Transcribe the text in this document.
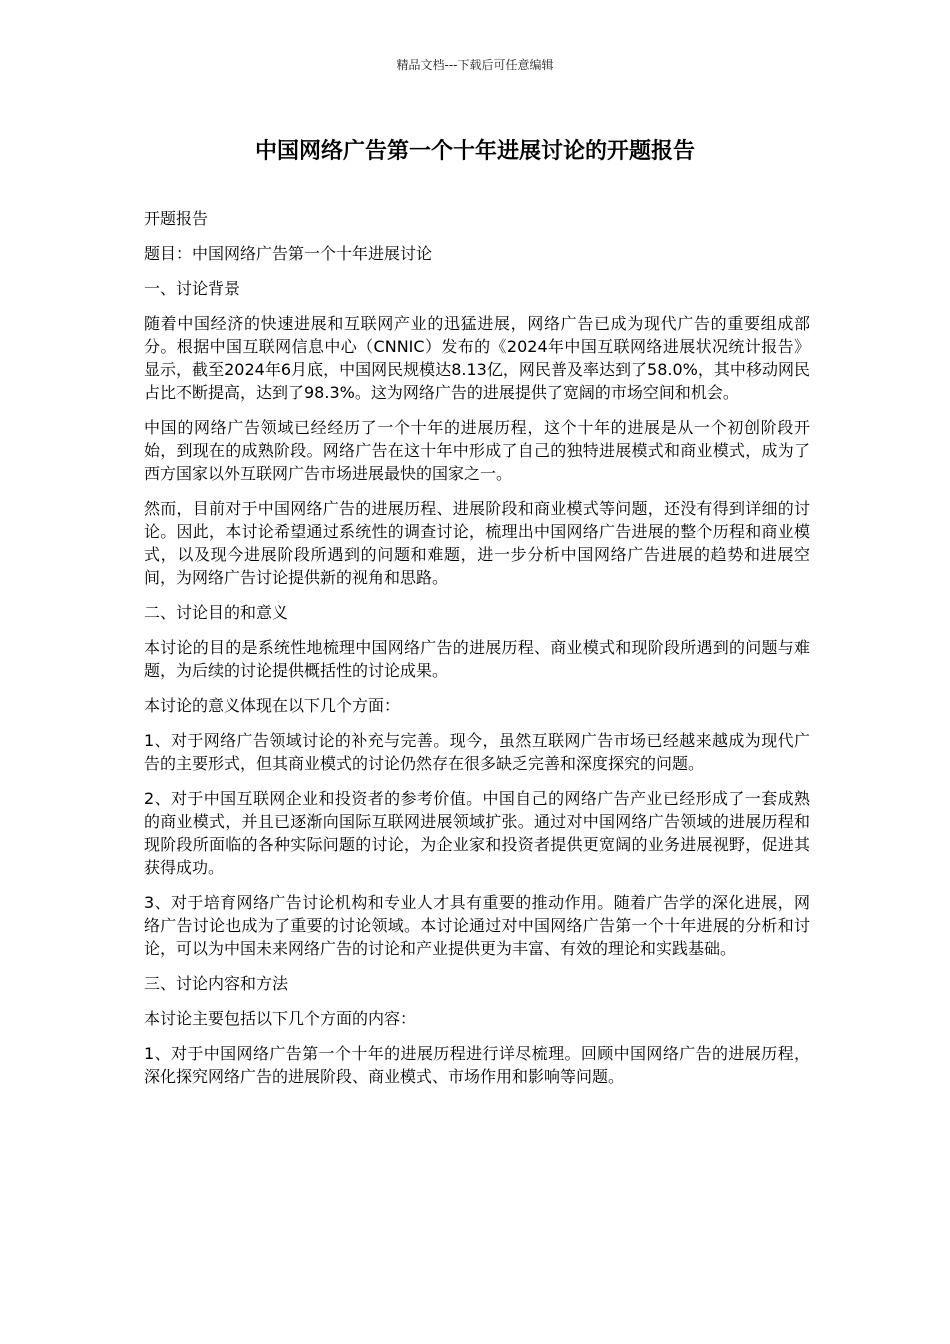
精品文档---下载后可任意编辑
中国网络广告第一个十年进展讨论的开题报告

开题报告

题目：中国网络广告第一个十年进展讨论

一、讨论背景

随着中国经济的快速进展和互联网产业的迅猛进展，网络广告已成为现代广告的重要组成部分。根据中国互联网信息中心（CNNIC）发布的《2024年中国互联网络进展状况统计报告》显示，截至2024年6月底，中国网民规模达8.13亿，网民普及率达到了58.0%，其中移动网民占比不断提高，达到了98.3%。这为网络广告的进展提供了宽阔的市场空间和机会。

中国的网络广告领域已经经历了一个十年的进展历程，这个十年的进展是从一个初创阶段开始，到现在的成熟阶段。网络广告在这十年中形成了自己的独特进展模式和商业模式，成为了西方国家以外互联网广告市场进展最快的国家之一。

然而，目前对于中国网络广告的进展历程、进展阶段和商业模式等问题，还没有得到详细的讨论。因此，本讨论希望通过系统性的调查讨论，梳理出中国网络广告进展的整个历程和商业模式，以及现今进展阶段所遇到的问题和难题，进一步分析中国网络广告进展的趋势和进展空间，为网络广告讨论提供新的视角和思路。

二、讨论目的和意义

本讨论的目的是系统性地梳理中国网络广告的进展历程、商业模式和现阶段所遇到的问题与难题，为后续的讨论提供概括性的讨论成果。

本讨论的意义体现在以下几个方面：

1、对于网络广告领域讨论的补充与完善。现今，虽然互联网广告市场已经越来越成为现代广告的主要形式，但其商业模式的讨论仍然存在很多缺乏完善和深度探究的问题。

2、对于中国互联网企业和投资者的参考价值。中国自己的网络广告产业已经形成了一套成熟的商业模式，并且已逐渐向国际互联网进展领域扩张。通过对中国网络广告领域的进展历程和现阶段所面临的各种实际问题的讨论，为企业家和投资者提供更宽阔的业务进展视野，促进其获得成功。

3、对于培育网络广告讨论机构和专业人才具有重要的推动作用。随着广告学的深化进展，网络广告讨论也成为了重要的讨论领域。本讨论通过对中国网络广告第一个十年进展的分析和讨论，可以为中国未来网络广告的讨论和产业提供更为丰富、有效的理论和实践基础。

三、讨论内容和方法

本讨论主要包括以下几个方面的内容：

1、对于中国网络广告第一个十年的进展历程进行详尽梳理。回顾中国网络广告的进展历程，深化探究网络广告的进展阶段、商业模式、市场作用和影响等问题。
